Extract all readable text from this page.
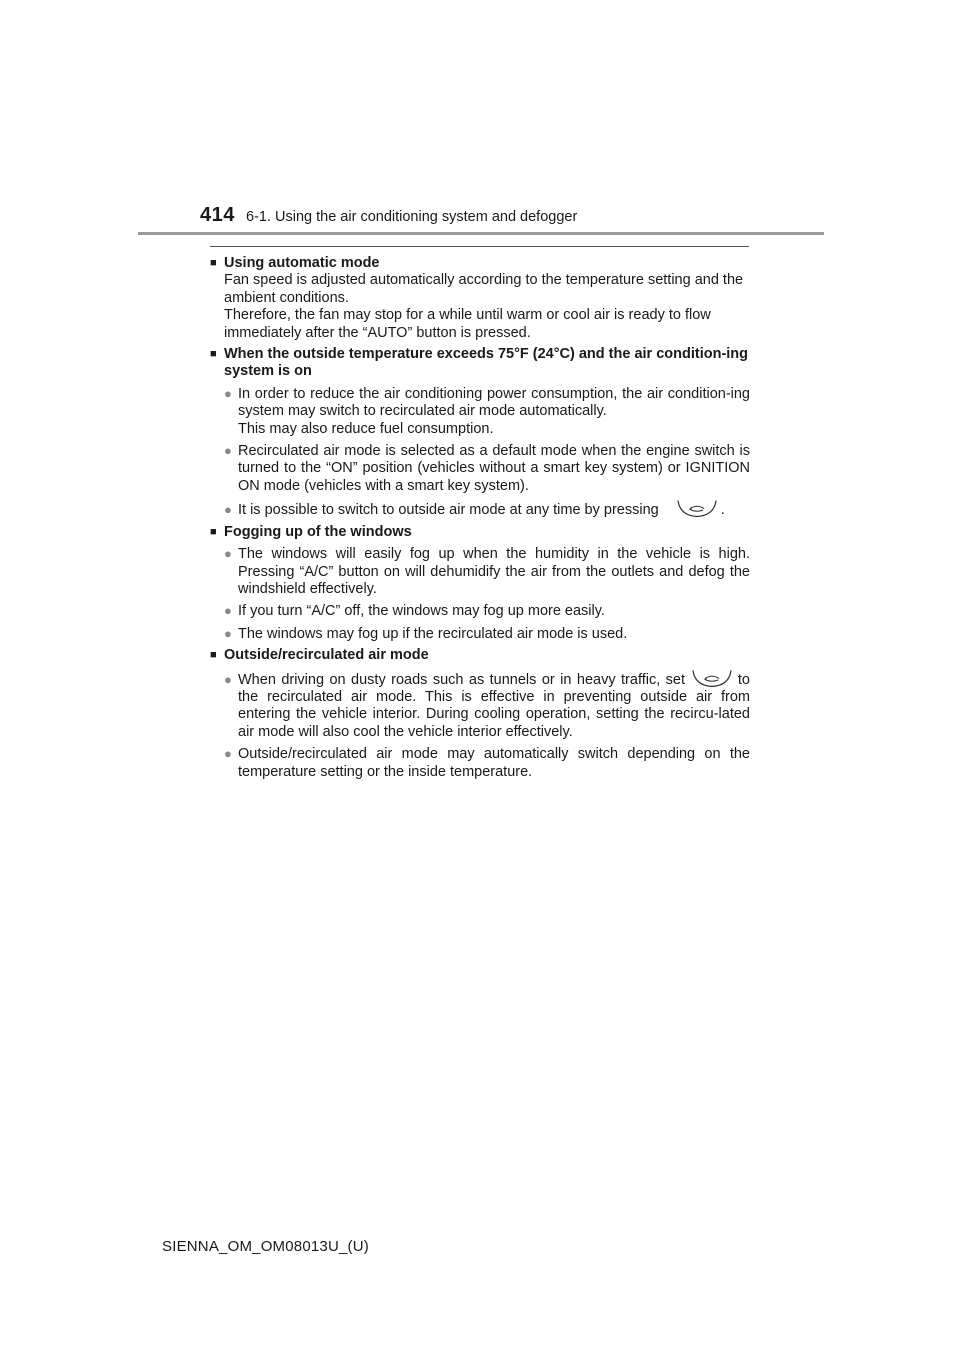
414 6-1. Using the air conditioning system and defogger
■ Using automatic mode
Fan speed is adjusted automatically according to the temperature setting and the ambient conditions.
Therefore, the fan may stop for a while until warm or cool air is ready to flow immediately after the “AUTO” button is pressed.
■ When the outside temperature exceeds 75°F (24°C) and the air condition-ing system is on
● In order to reduce the air conditioning power consumption, the air condition-ing system may switch to recirculated air mode automatically.
This may also reduce fuel consumption.
● Recirculated air mode is selected as a default mode when the engine switch is turned to the “ON” position (vehicles without a smart key system) or IGNITION ON mode (vehicles with a smart key system).
● It is possible to switch to outside air mode at any time by pressing	.
■ Fogging up of the windows
● The windows will easily fog up when the humidity in the vehicle is high. Pressing “A/C” button on will dehumidify the air from the outlets and defog the windshield effectively.
● If you turn “A/C” off, the windows may fog up more easily.
● The windows may fog up if the recirculated air mode is used.
■ Outside/recirculated air mode
● When driving on dusty roads such as tunnels or in heavy traffic, set	to the recirculated air mode. This is effective in preventing outside air from entering the vehicle interior. During cooling operation, setting the recircu-lated air mode will also cool the vehicle interior effectively.
● Outside/recirculated air mode may automatically switch depending on the temperature setting or the inside temperature.
SIENNA_OM_OM08013U_(U)
